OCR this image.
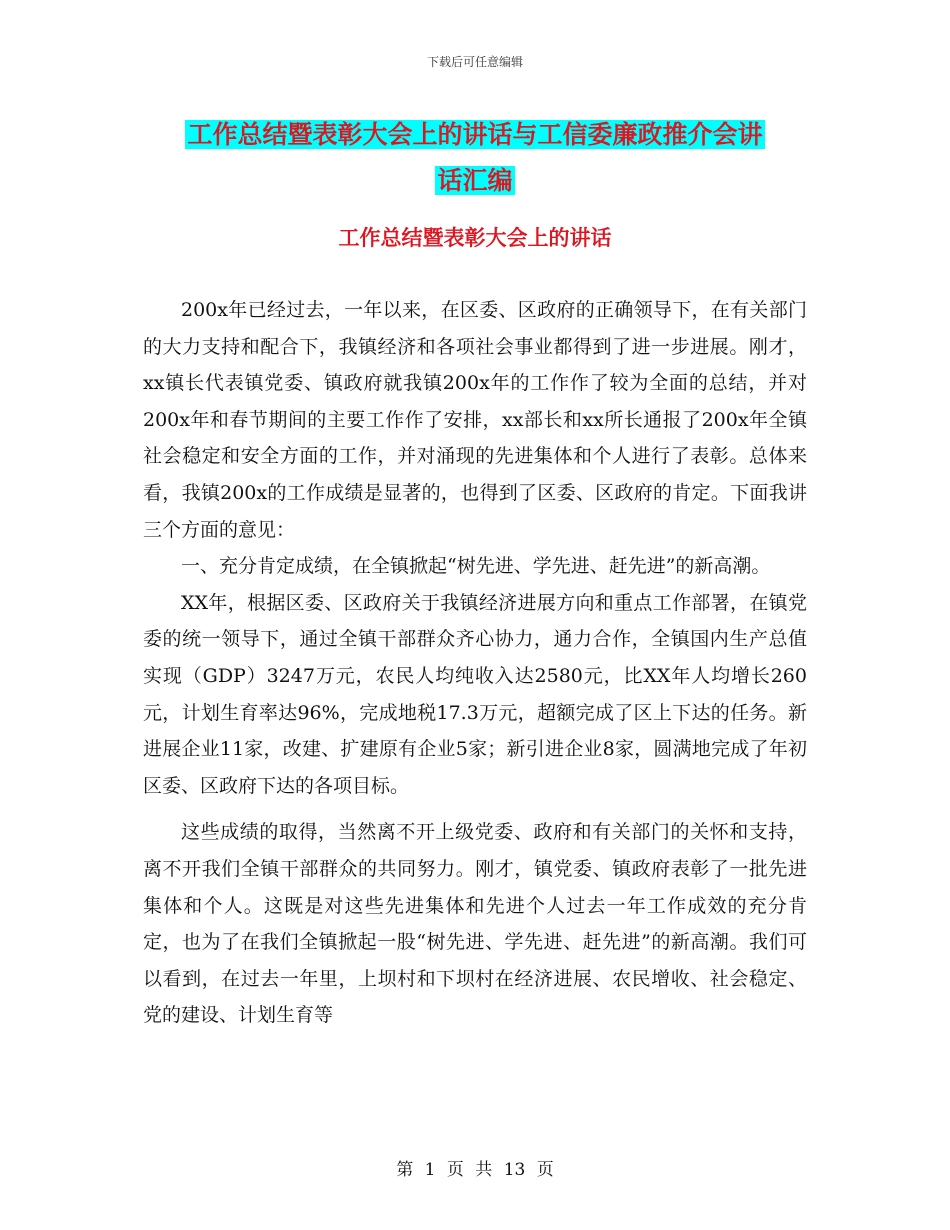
下载后可任意编辑
工作总结暨表彰大会上的讲话与工信委廉政推介会讲
话汇编
工作总结暨表彰大会上的讲话

200x年已经过去，一年以来，在区委、区政府的正确领导下，在有关部门的大力支持和配合下，我镇经济和各项社会事业都得到了进一步进展。刚才，xx镇长代表镇党委、镇政府就我镇200x年的工作作了较为全面的总结，并对200x年和春节期间的主要工作作了安排，xx部长和xx所长通报了200x年全镇社会稳定和安全方面的工作，并对涌现的先进集体和个人进行了表彰。总体来看，我镇200x的工作成绩是显著的，也得到了区委、区政府的肯定。下面我讲三个方面的意见：

一、充分肯定成绩，在全镇掀起“树先进、学先进、赶先进”的新高潮。

XX年，根据区委、区政府关于我镇经济进展方向和重点工作部署，在镇党委的统一领导下，通过全镇干部群众齐心协力，通力合作，全镇国内生产总值实现（GDP）3247万元，农民人均纯收入达2580元，比XX年人均增长260元，计划生育率达96%，完成地税17.3万元，超额完成了区上下达的任务。新进展企业11家，改建、扩建原有企业5家；新引进企业8家，圆满地完成了年初区委、区政府下达的各项目标。

这些成绩的取得，当然离不开上级党委、政府和有关部门的关怀和支持，离不开我们全镇干部群众的共同努力。刚才，镇党委、镇政府表彰了一批先进集体和个人。这既是对这些先进集体和先进个人过去一年工作成效的充分肯定，也为了在我们全镇掀起一股“树先进、学先进、赶先进”的新高潮。我们可以看到，在过去一年里，上坝村和下坝村在经济进展、农民增收、社会稳定、党的建设、计划生育等

第 1 页 共 13 页
